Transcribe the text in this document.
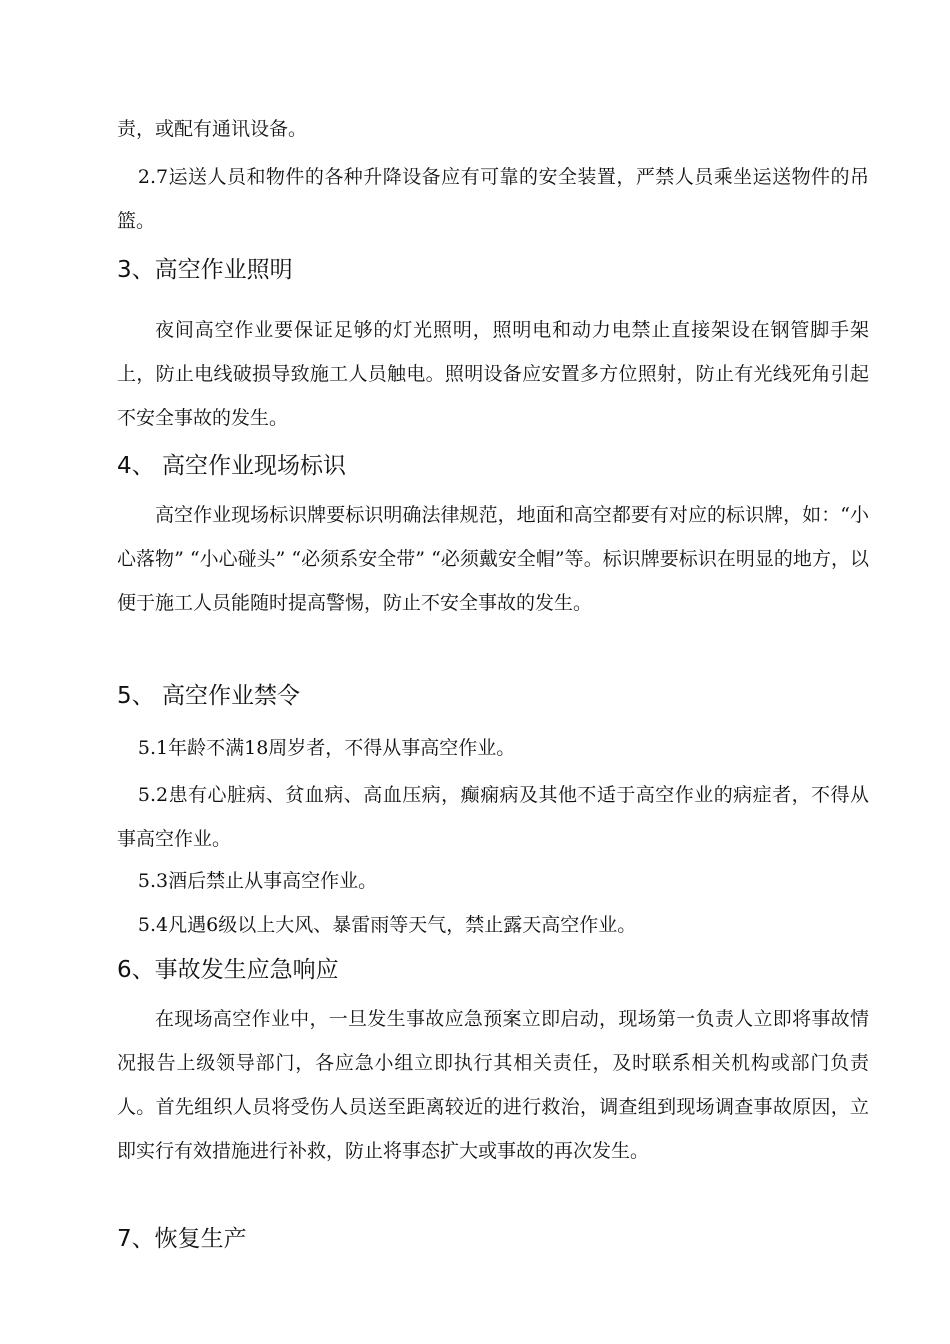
责，或配有通讯设备。

2.7运送人员和物件的各种升降设备应有可靠的安全装置，严禁人员乘坐运送物件的吊篮。

3、高空作业照明

夜间高空作业要保证足够的灯光照明，照明电和动力电禁止直接架设在钢管脚手架上，防止电线破损导致施工人员触电。照明设备应安置多方位照射，防止有光线死角引起不安全事故的发生。

4、 高空作业现场标识

高空作业现场标识牌要标识明确法律规范，地面和高空都要有对应的标识牌，如：“小心落物” “小心碰头” “必须系安全带” “必须戴安全帽”等。标识牌要标识在明显的地方，以便于施工人员能随时提高警惕，防止不安全事故的发生。

5、 高空作业禁令

5.1年龄不满18周岁者，不得从事高空作业。

5.2患有心脏病、贫血病、高血压病，癫痫病及其他不适于高空作业的病症者，不得从事高空作业。

5.3酒后禁止从事高空作业。

5.4凡遇6级以上大风、暴雷雨等天气，禁止露天高空作业。

6、事故发生应急响应

在现场高空作业中，一旦发生事故应急预案立即启动，现场第一负责人立即将事故情况报告上级领导部门，各应急小组立即执行其相关责任，及时联系相关机构或部门负责人。首先组织人员将受伤人员送至距离较近的进行救治，调查组到现场调查事故原因，立即实行有效措施进行补救，防止将事态扩大或事故的再次发生。

7、恢复生产
